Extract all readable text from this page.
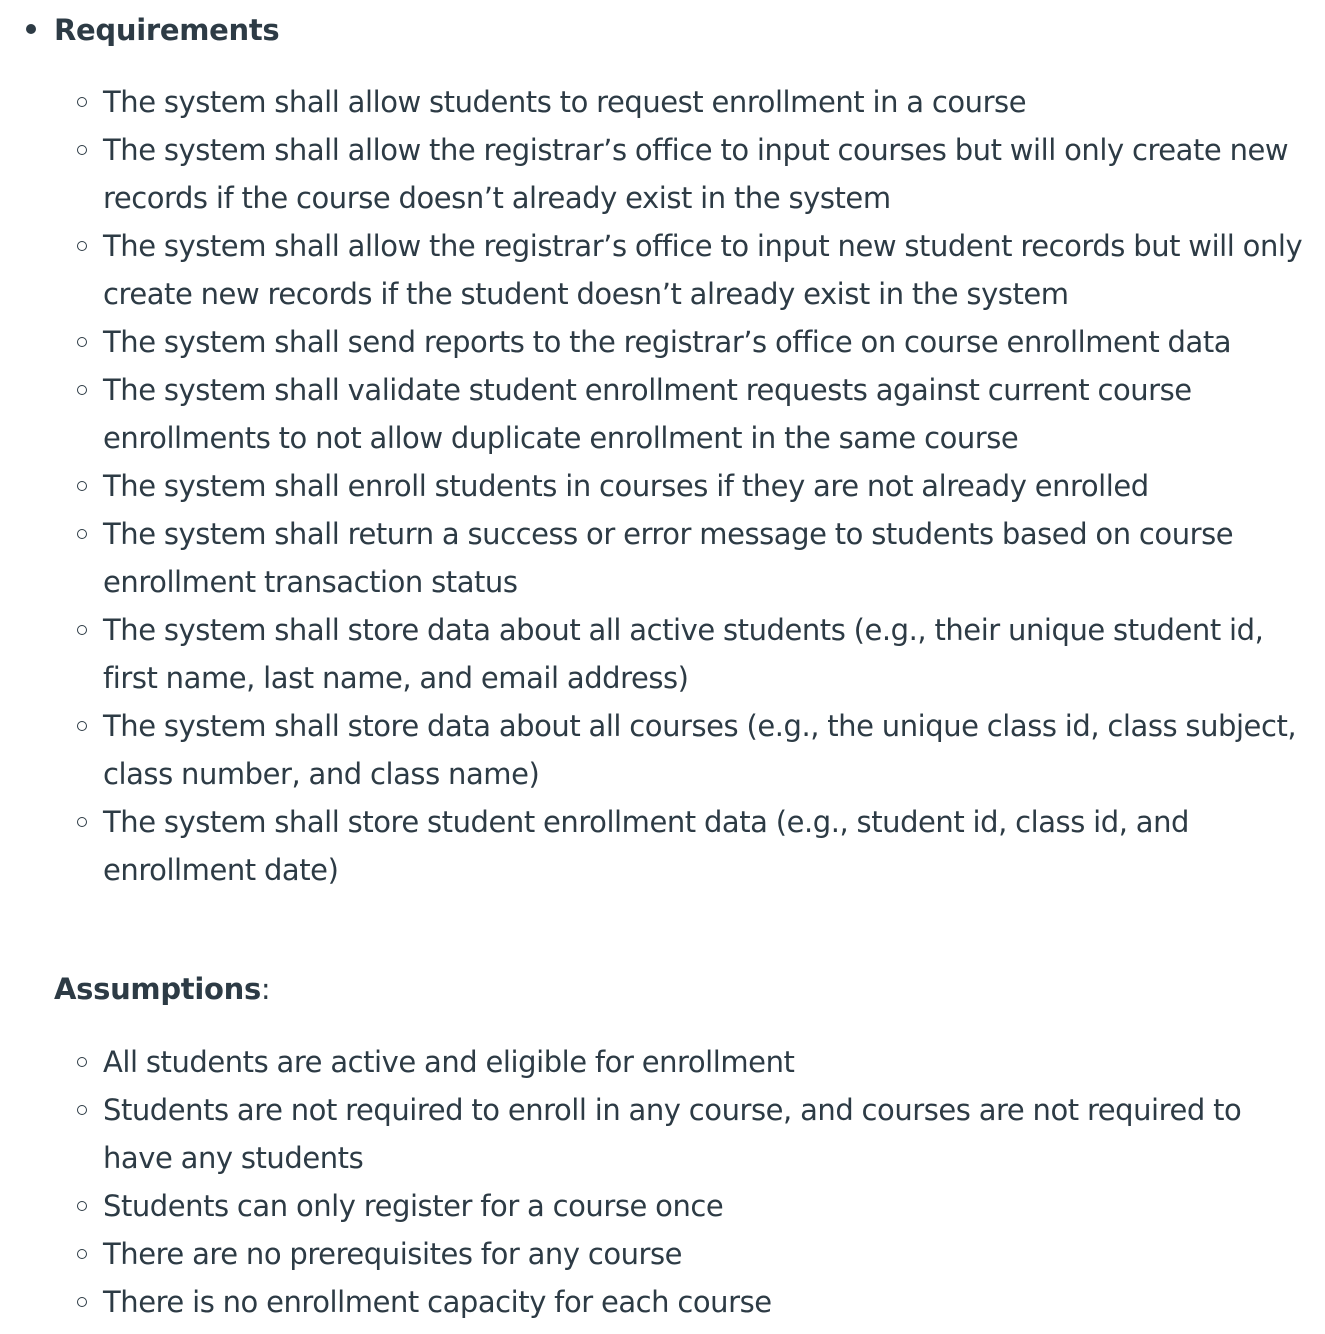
Requirements
The system shall allow students to request enrollment in a course
The system shall allow the registrar’s office to input courses but will only create new records if the course doesn’t already exist in the system
The system shall allow the registrar’s office to input new student records but will only create new records if the student doesn’t already exist in the system
The system shall send reports to the registrar’s office on course enrollment data
The system shall validate student enrollment requests against current course enrollments to not allow duplicate enrollment in the same course
The system shall enroll students in courses if they are not already enrolled
The system shall return a success or error message to students based on course enrollment transaction status
The system shall store data about all active students (e.g., their unique student id, first name, last name, and email address)
The system shall store data about all courses (e.g., the unique class id, class subject, class number, and class name)
The system shall store student enrollment data (e.g., student id, class id, and enrollment date)
Assumptions:
All students are active and eligible for enrollment
Students are not required to enroll in any course, and courses are not required to have any students
Students can only register for a course once
There are no prerequisites for any course
There is no enrollment capacity for each course
